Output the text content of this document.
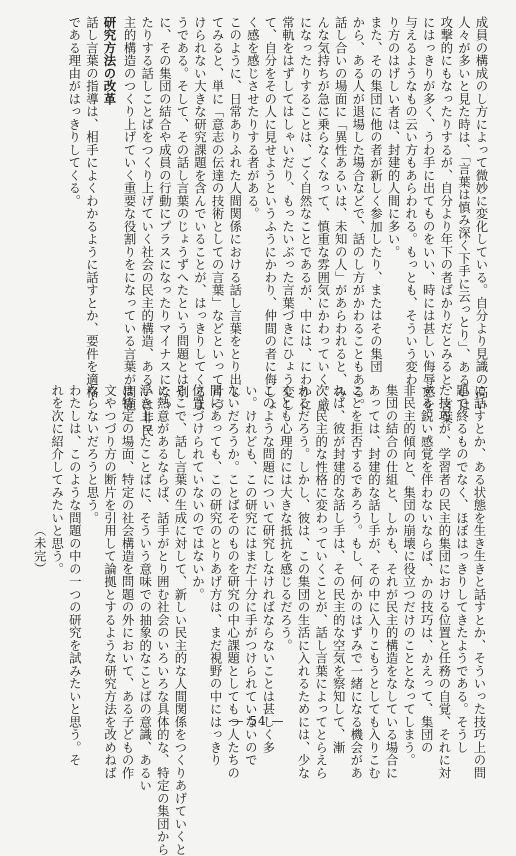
成員の構成のし方によって微妙に変化している。自分より見識の高い
人々が多いと見た時は、「言葉は慎み深く下手に云っとり」、あるいは
攻撃的にもなったりするが、自分より年下の者ばかりだとみると、言葉
にはっきりが多く、うわ手に出てものをいい、時には甚しい侮辱感を
与えるようなもの云い方もあらわれる。もっとも、そういう変わ
り方のはげしい者は、封建的人間に多い。
また、その集団に他の者が新しく参加したり、またはその集団
から、ある人が退場した場合などで、話のし方がかわることもある。
話し合いの場面に「異性あるいは、未知の人」があらわれると、み
んな気持ちが急に乗らなくなって、慎重な雰囲気にかわっていく。厳
になったりすることは、ごく自然なことであるが、中には、にわかに
常軌をはずしてはしゃいだり、もったいぶった言葉づきにひょう変し
て、自分をその人に見せようというふうにかわり、仲間の者に侮しょ
く感を感じさせたりする者がある。
このように、日常ありふれた人間関係における話し言葉をとり出し
てみると、単に「意志の伝達の技術としての言葉」などといって片づ
けられない大きな研究課題を含んでいることが、はっきりしてくるよ
うである。そして、その話し言葉のじょうずへたという問題とは別
に、その集団の結合や成員の行動にプラスになったりマイナスになっ
たりする話しことばをつくり上げていく社会の民主的構造、あるいは非民
主的構造のつくり上げていく重要な役割りをになっている言葉が問題
研究方法の改革
話し言葉の指導は、相手によくわかるように話すとか、要件を適格
である理由がはっきりしてくる。
に話すとか、ある状態を生き生きと話すとか、そういった技巧上の問
題で終るものでなく、ほぼはっきりしてきたようである。そうし
た技巧が、学習者の民主的集団における位置と任務の自覚、それに対
する鋭い感覚を伴わないならば、かの技巧は、かえって、集団の
非民主的傾向と、集団の崩壊に役立つだけのこととなってしまう。
集団の結合の仕組と、しかも、それが民主的構造をなしている場合に
あっては、封建的な話し手が、その中に入りこもうとしても入りこむ
ことを拒否するであろう。もし、何かのはずみで一緒になる機会があ
れば、彼が封建的な話し手は、その民主的な空気を察知して、漸
次、民主的な性格に変わっていくことが、話し言葉によってとらえら
れるだろう。しかし、彼は、この集団の生活に入れるためには、少な
くとも心理的には大きな抵抗を感じるだろう。
このような問題について研究しなければならないことは甚しく多
い。けれども、この研究にはまだ十分に手がつけられていないので
ないだろうか。ことばそのものを研究の中心課題としてもつ人たちの
間にあっても、この研究のとりあげ方は、まだ視野の中にはっきり
位置づけられていないのではないか。
そこで、話し言葉の生成に対して、新しい民主的な人間関係をつくりあげていくと
に熱意があるならば、話手がとり囲む社会のいろいろな具体的な、特定の集団から
浮き上ったことばに、そういう意味での抽象的なことばの意識、あるい
は特定の場面、特定の社会構造を問題の外において、ある子どもの作
文やつづり方の断片を引用して論拠とするような研究方法を改めねば
ならないだろうと思う。
わたしは、このような問題の中の一つの研究を試みたいと思う。そ
れを次に紹介してみたいと思う。
（未完）
— 54 —
